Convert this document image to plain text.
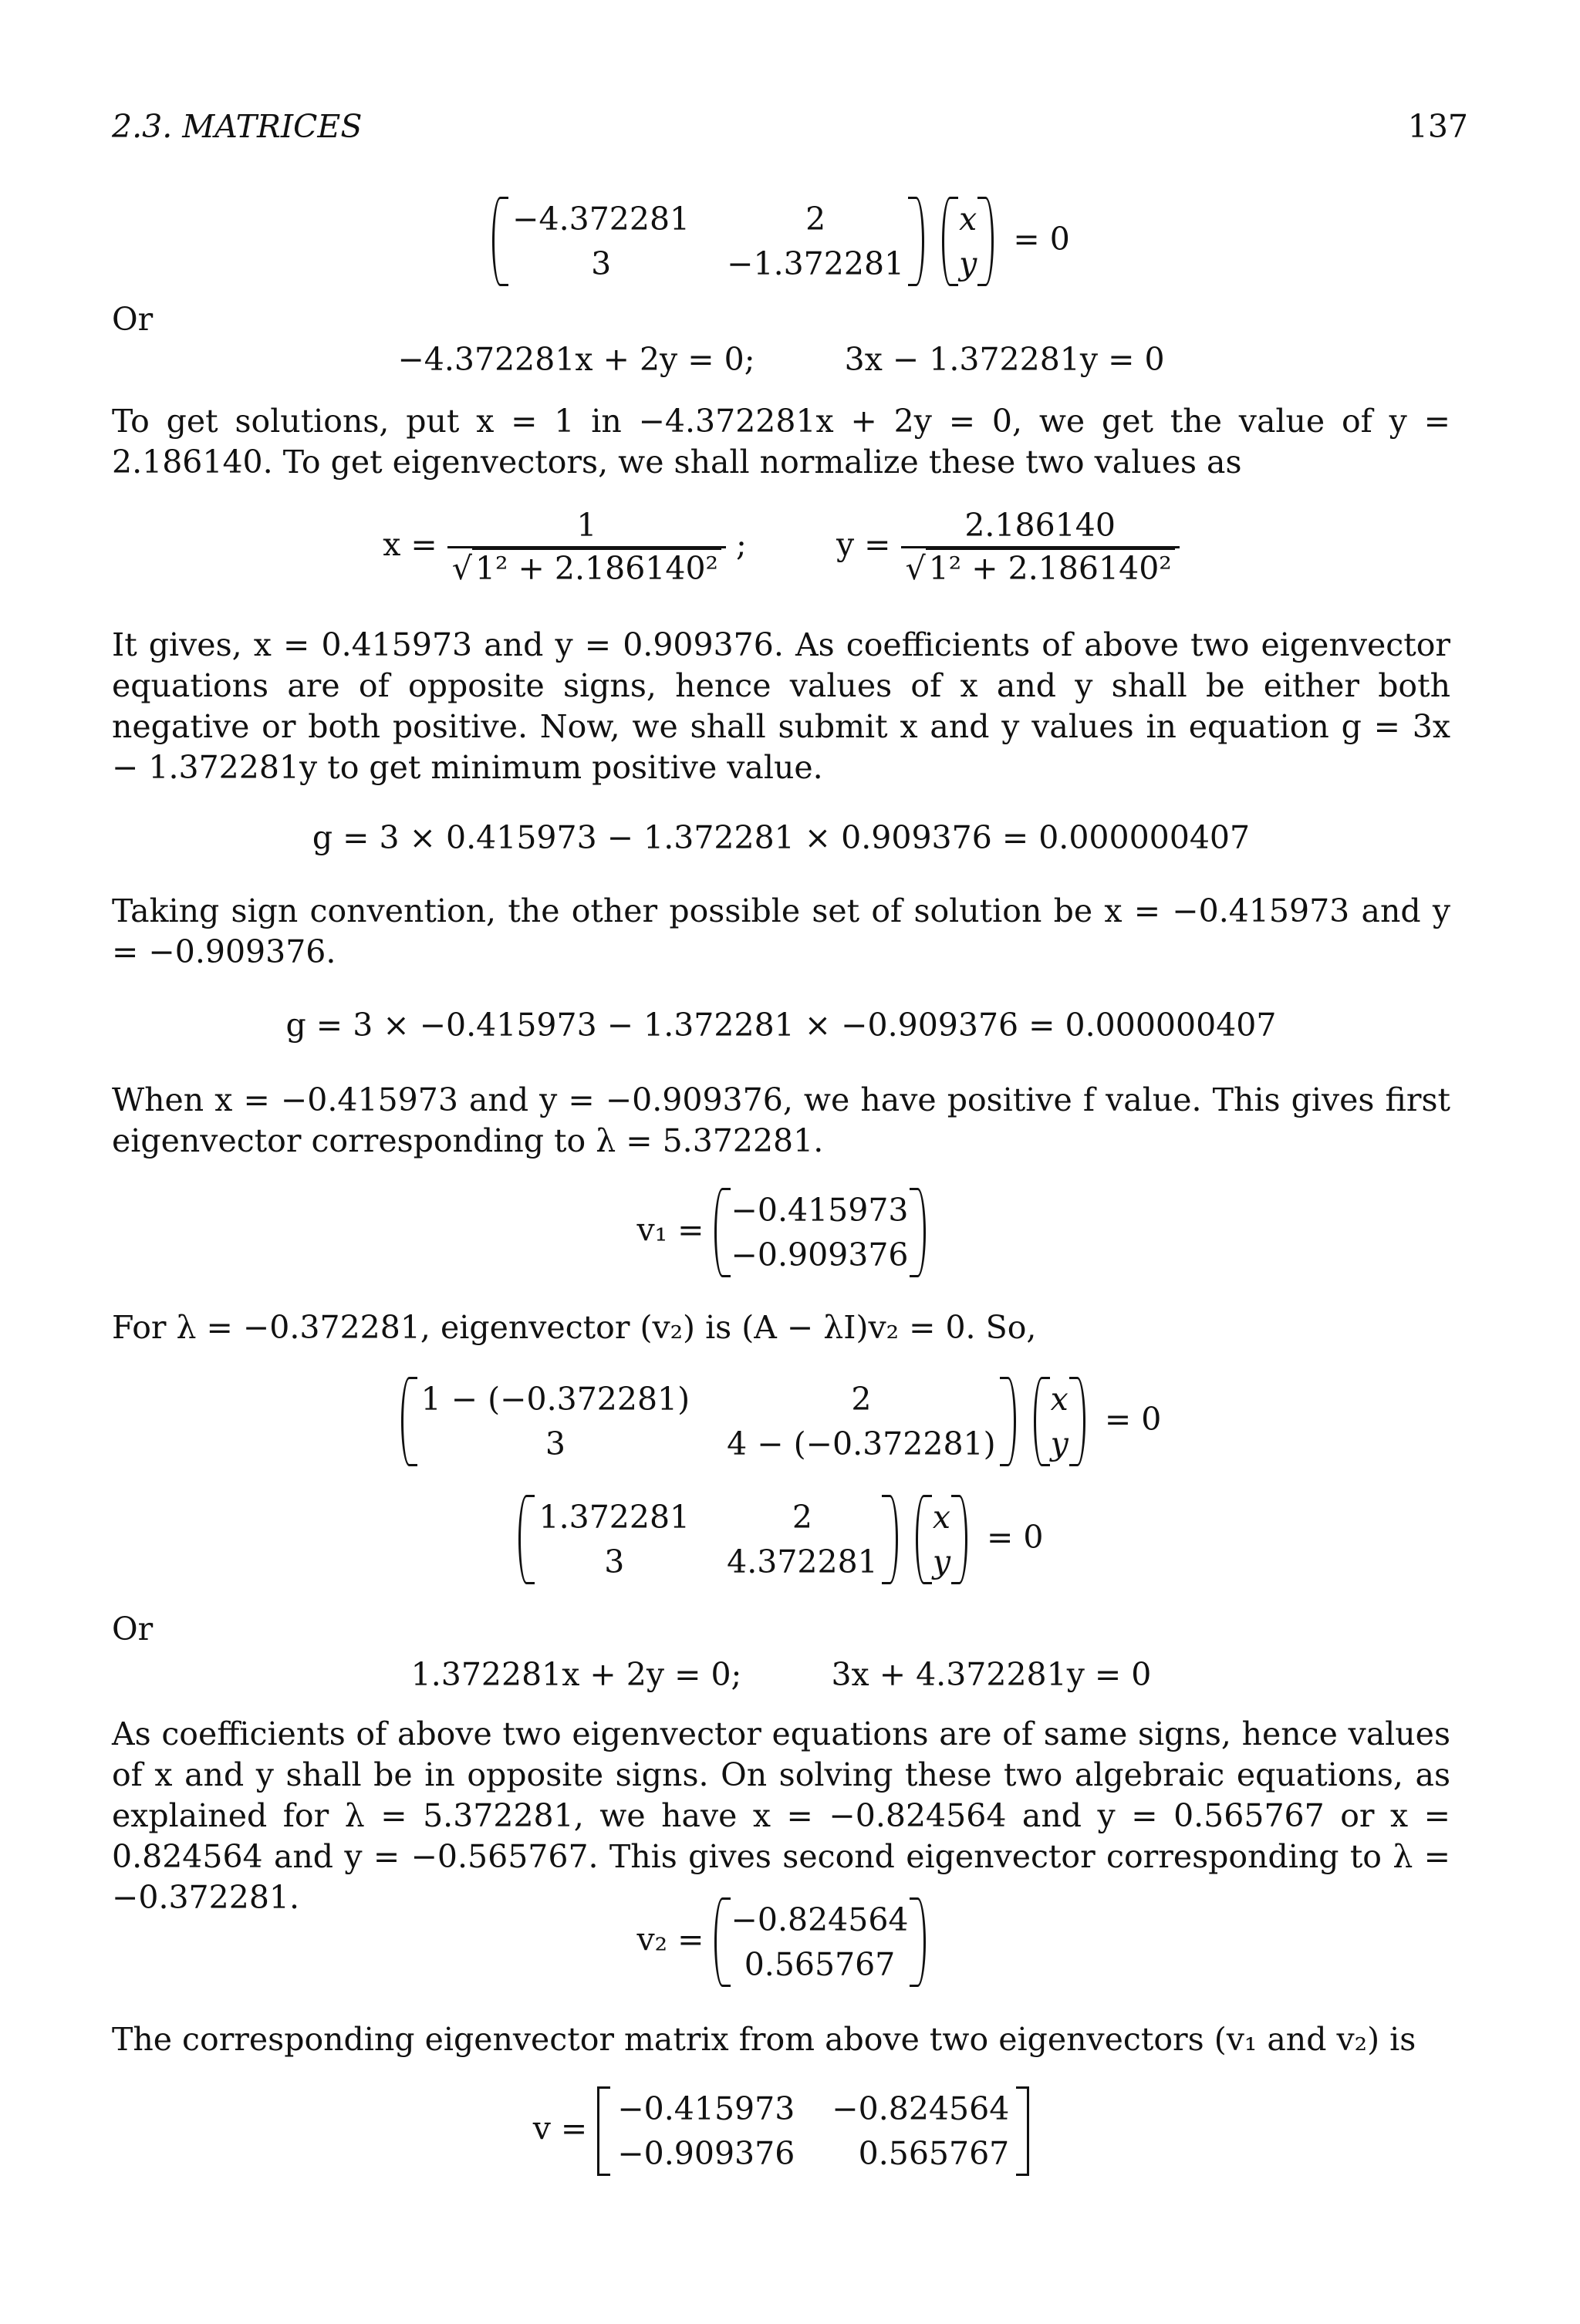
2.3. MATRICES	137
−4.372281	2
3	−1.372281

x
y
= 0
Or
−4.372281x + 2y = 0;	3x − 1.372281y = 0
To get solutions, put x = 1 in −4.372281x + 2y = 0, we get the value of y = 2.186140. To get eigenvectors, we shall normalize these two values as
$x = \frac{1}{\text{√1² + 2.186140²}}$ ;	$y = \frac{2.186140}{\text{√1² + 2.186140²}}$
It gives, x = 0.415973 and y = 0.909376. As coefficients of above two eigenvector equations are of opposite signs, hence values of x and y shall be either both negative or both positive. Now, we shall submit x and y values in equation g = 3x − 1.372281y to get minimum positive value.
g = 3 × 0.415973 − 1.372281 × 0.909376 = 0.000000407
Taking sign convention, the other possible set of solution be x = −0.415973 and y = −0.909376.
g = 3 × −0.415973 − 1.372281 × −0.909376 = 0.000000407
When x = −0.415973 and y = −0.909376, we have positive f value. This gives first eigenvector corresponding to λ = 5.372281.
v₁ =
−0.415973
−0.909376
For λ = −0.372281, eigenvector (v₂) is (A − λI)v₂ = 0. So,
1 − (−0.372281)	2
3	4 − (−0.372281)

x
y
= 0
1.372281	2
3	4.372281

x
y
= 0
Or
1.372281x + 2y = 0;	3x + 4.372281y = 0
As coefficients of above two eigenvector equations are of same signs, hence values of x and y shall be in opposite signs. On solving these two algebraic equations, as explained for λ = 5.372281, we have x = −0.824564 and y = 0.565767 or x = 0.824564 and y = −0.565767. This gives second eigenvector corresponding to λ = −0.372281.
v₂ =
−0.824564
0.565767
The corresponding eigenvector matrix from above two eigenvectors (v₁ and v₂) is
v =
−0.415973 −0.824564
−0.909376	0.565767
